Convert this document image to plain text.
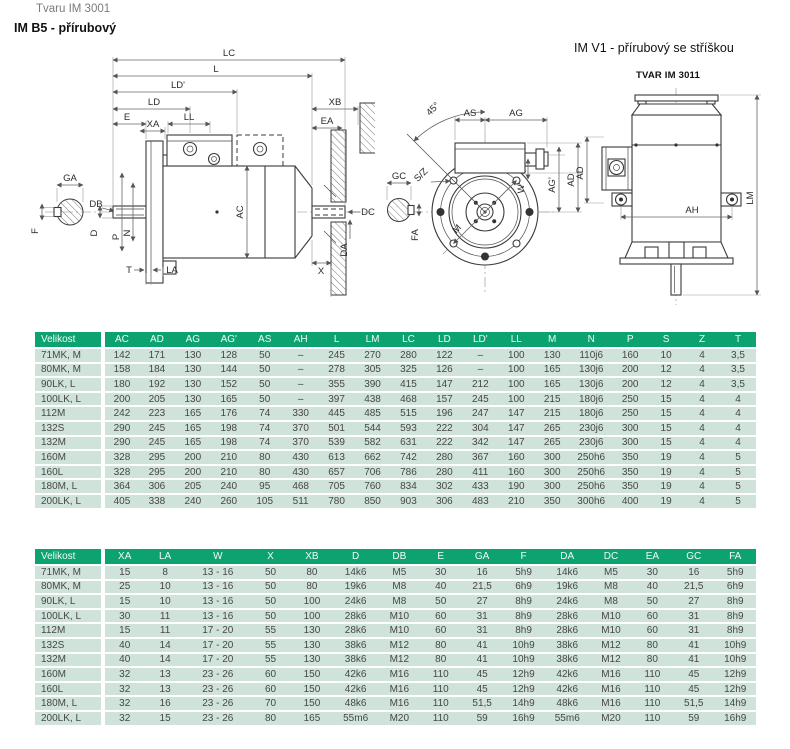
Tvaru IM 3001
IM B5 - přírubový
IM V1 - přírubový se stříškou
TVAR IM 3011
GA
F
DB
LC
L
LD'
LD	XB
E
XA
LL	EA
D
P
N
T	LA
AC
DA
X
DC
45° AS	AG
W' AG' AD
GC
FA
S/Z
M
AH
AD
LM
Velikost	AC	AD	AG	AG'	AS	AH	L	LM	LC	LD	LD'	LL	M	N	P	S	Z	T
71MK, M	142	171	130	128	50	–	245	270	280	122	–	100	130	110j6	160	10	4	3,5
80MK, M	158	184	130	144	50	–	278	305	325	126	–	100	165	130j6	200	12	4	3,5
90LK, L	180	192	130	152	50	–	355	390	415	147	212	100	165	130j6	200	12	4	3,5
100LK, L	200	205	130	165	50	–	397	438	468	157	245	100	215	180j6	250	15	4	4
112M	242	223	165	176	74	330	445	485	515	196	247	147	215	180j6	250	15	4	4
132S	290	245	165	198	74	370	501	544	593	222	304	147	265	230j6	300	15	4	4
132M	290	245	165	198	74	370	539	582	631	222	342	147	265	230j6	300	15	4	4
160M	328	295	200	210	80	430	613	662	742	280	367	160	300	250h6	350	19	4	5
160L	328	295	200	210	80	430	657	706	786	280	411	160	300	250h6	350	19	4	5
180M, L	364	306	205	240	95	468	705	760	834	302	433	190	300	250h6	350	19	4	5
200LK, L	405	338	240	260	105	511	780	850	903	306	483	210	350	300h6	400	19	4	5
Velikost	XA	LA	W	X	XB	D	DB	E	GA	F	DA	DC	EA	GC	FA
71MK, M	15	8	13 - 16	50	80	14k6	M5	30	16	5h9	14k6	M5	30	16	5h9
80MK, M	25	10	13 - 16	50	80	19k6	M8	40	21,5	6h9	19k6	M8	40	21,5	6h9
90LK, L	15	10	13 - 16	50	100	24k6	M8	50	27	8h9	24k6	M8	50	27	8h9
100LK, L	30	11	13 - 16	50	100	28k6	M10	60	31	8h9	28k6	M10	60	31	8h9
112M	15	11	17 - 20	55	130	28k6	M10	60	31	8h9	28k6	M10	60	31	8h9
132S	40	14	17 - 20	55	130	38k6	M12	80	41	10h9	38k6	M12	80	41	10h9
132M	40	14	17 - 20	55	130	38k6	M12	80	41	10h9	38k6	M12	80	41	10h9
160M	32	13	23 - 26	60	150	42k6	M16	110	45	12h9	42k6	M16	110	45	12h9
160L	32	13	23 - 26	60	150	42k6	M16	110	45	12h9	42k6	M16	110	45	12h9
180M, L	32	16	23 - 26	70	150	48k6	M16	110	51,5	14h9	48k6	M16	110	51,5	14h9
200LK, L	32	15	23 - 26	80	165	55m6	M20	110	59	16h9	55m6	M20	110	59	16h9
